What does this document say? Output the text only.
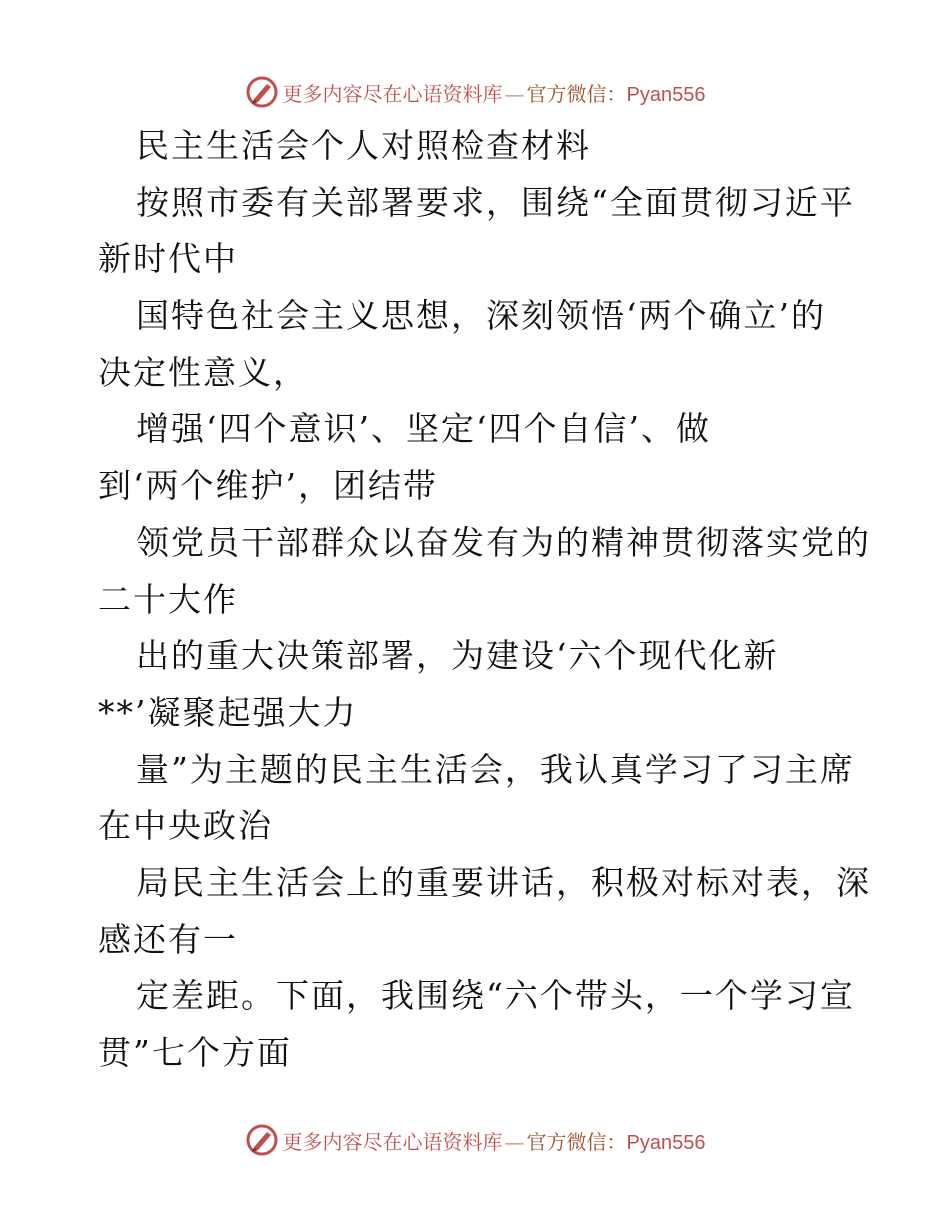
更多内容尽在心语资料库 — 官方微信：Pyan556
民主生活会个人对照检查材料
按照市委有关部署要求，围绕“全面贯彻习近平
新时代中
国特色社会主义思想，深刻领悟‘两个确立’的
决定性意义，
增强‘四个意识’、坚定‘四个自信’、做
到‘两个维护’，团结带
领党员干部群众以奋发有为的精神贯彻落实党的
二十大作
出的重大决策部署，为建设‘六个现代化新
**’凝聚起强大力
量”为主题的民主生活会，我认真学习了习主席
在中央政治
局民主生活会上的重要讲话，积极对标对表，深
感还有一
定差距。下面，我围绕“六个带头，一个学习宣
贯”七个方面
更多内容尽在心语资料库 — 官方微信：Pyan556
